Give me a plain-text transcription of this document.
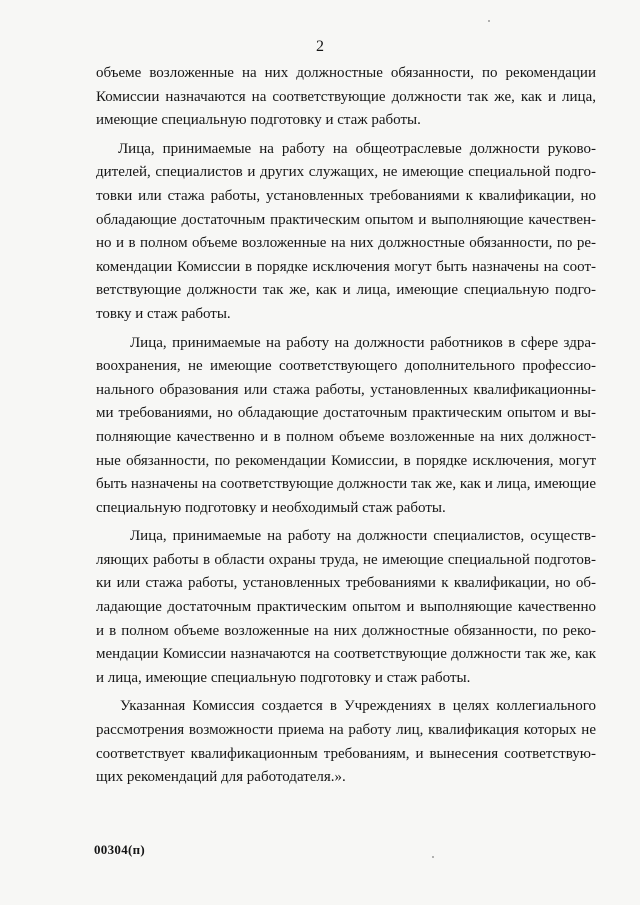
2
объеме возложенные на них должностные обязанности, по рекомендации
Комиссии назначаются на соответствующие должности так же, как и лица,
имеющие специальную подготовку и стаж работы.
Лица, принимаемые на работу на общеотраслевые должности руково-
дителей, специалистов и других служащих, не имеющие специальной подго-
товки или стажа работы, установленных требованиями к квалификации, но
обладающие достаточным практическим опытом и выполняющие качествен-
но и в полном объеме возложенные на них должностные обязанности, по ре-
комендации Комиссии в порядке исключения могут быть назначены на соот-
ветствующие должности так же, как и лица, имеющие специальную подго-
товку и стаж работы.
Лица, принимаемые на работу на должности работников в сфере здра-
воохранения, не имеющие соответствующего дополнительного профессио-
нального образования или стажа работы, установленных квалификационны-
ми требованиями, но обладающие достаточным практическим опытом и вы-
полняющие качественно и в полном объеме возложенные на них должност-
ные обязанности, по рекомендации Комиссии, в порядке исключения, могут
быть назначены на соответствующие должности так же, как и лица, имеющие
специальную подготовку и необходимый стаж работы.
Лица, принимаемые на работу на должности специалистов, осуществ-
ляющих работы в области охраны труда, не имеющие специальной подготов-
ки или стажа работы, установленных требованиями к квалификации, но об-
ладающие достаточным практическим опытом и выполняющие качественно
и в полном объеме возложенные на них должностные обязанности, по реко-
мендации Комиссии назначаются на соответствующие должности так же, как
и лица, имеющие специальную подготовку и стаж работы.
Указанная Комиссия создается в Учреждениях в целях коллегиального
рассмотрения возможности приема на работу лиц, квалификация которых не
соответствует квалификационным требованиям, и вынесения соответствую-
щих рекомендаций для работодателя.».
00304(п)
